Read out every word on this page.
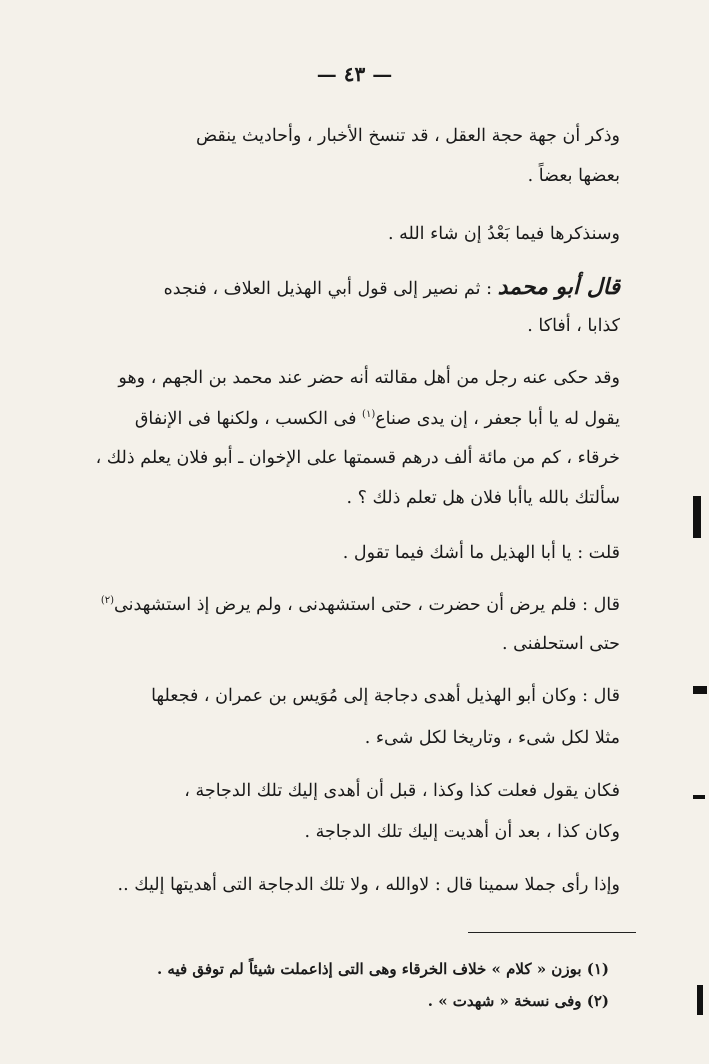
— ٤٣ —
وذكر أن جهة حجة العقل ، قد تنسخ الأخبار ، وأحاديث ينقض
بعضها بعضاً .
وسنذكرها فيما بَعْدُ إن شاء الله .
قال أبو محمد : ثم نصير إلى قول أبي الهذيل العلاف ، فنجده
كذابا ، أفاكا .
وقد حكى عنه رجل من أهل مقالته أنه حضر عند محمد بن الجهم ، وهو
يقول له يا أبا جعفر ، إن يدى صناع$^{(١)}$ فى الكسب ، ولكنها فى الإنفاق
خرقاء ، كم من مائة ألف درهم قسمتها على الإخوان ـ أبو فلان يعلم ذلك ،
سألتك بالله ياأبا فلان هل تعلم ذلك ؟ .
قلت : يا أبا الهذيل ما أشك فيما تقول .
قال : فلم يرض أن حضرت ، حتى استشهدنى ، ولم يرض إذ استشهدنى$^{(٢)}$
حتى استحلفنى .
قال : وكان أبو الهذيل أهدى دجاجة إلى مُوَيس بن عمران ، فجعلها
مثلا لكل شىء ، وتاريخا لكل شىء .
فكان يقول فعلت كذا وكذا ، قبل أن أهدى إليك تلك الدجاجة ،
وكان كذا ، بعد أن أهديت إليك تلك الدجاجة .
وإذا رأى جملا سمينا قال : لاوالله ، ولا تلك الدجاجة التى أهديتها إليك ..
(١) بوزن « كلام » خلاف الخرقاء وهى التى إذاعملت شيئاً لم توفق فيه .
(٢) وفى نسخة « شهدت » .
